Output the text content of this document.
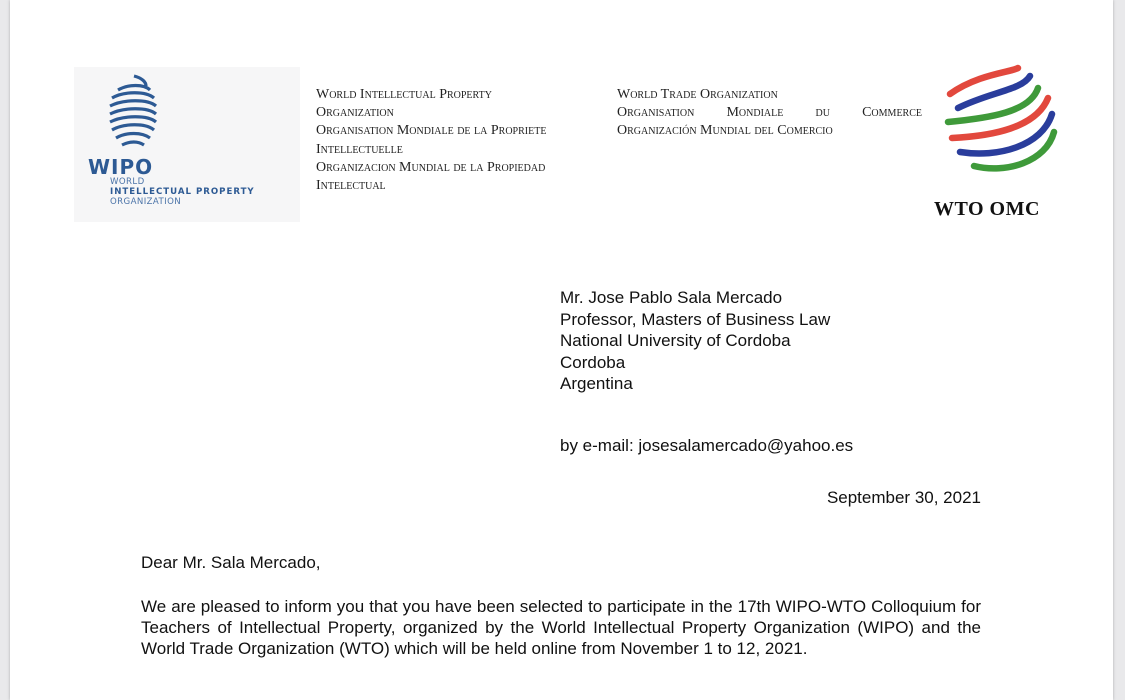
WIPO
WORLD
INTELLECTUAL PROPERTY
ORGANIZATION
World Intellectual Property
Organization
Organisation Mondiale de la Propriete
Intellectuelle
Organizacion Mundial de la Propiedad
Intelectual
World Trade Organization
Organisation Mondiale du Commerce
Organización Mundial del Comercio
WTO OMC
Mr. Jose Pablo Sala Mercado
Professor, Masters of Business Law
National University of Cordoba
Cordoba
Argentina
by e-mail: josesalamercado@yahoo.es
September 30, 2021
Dear Mr. Sala Mercado,
We are pleased to inform you that you have been selected to participate in the 17th WIPO-WTO Colloquium for Teachers of Intellectual Property, organized by the World Intellectual Property Organization (WIPO) and the World Trade Organization (WTO) which will be held online from November 1 to 12, 2021.
